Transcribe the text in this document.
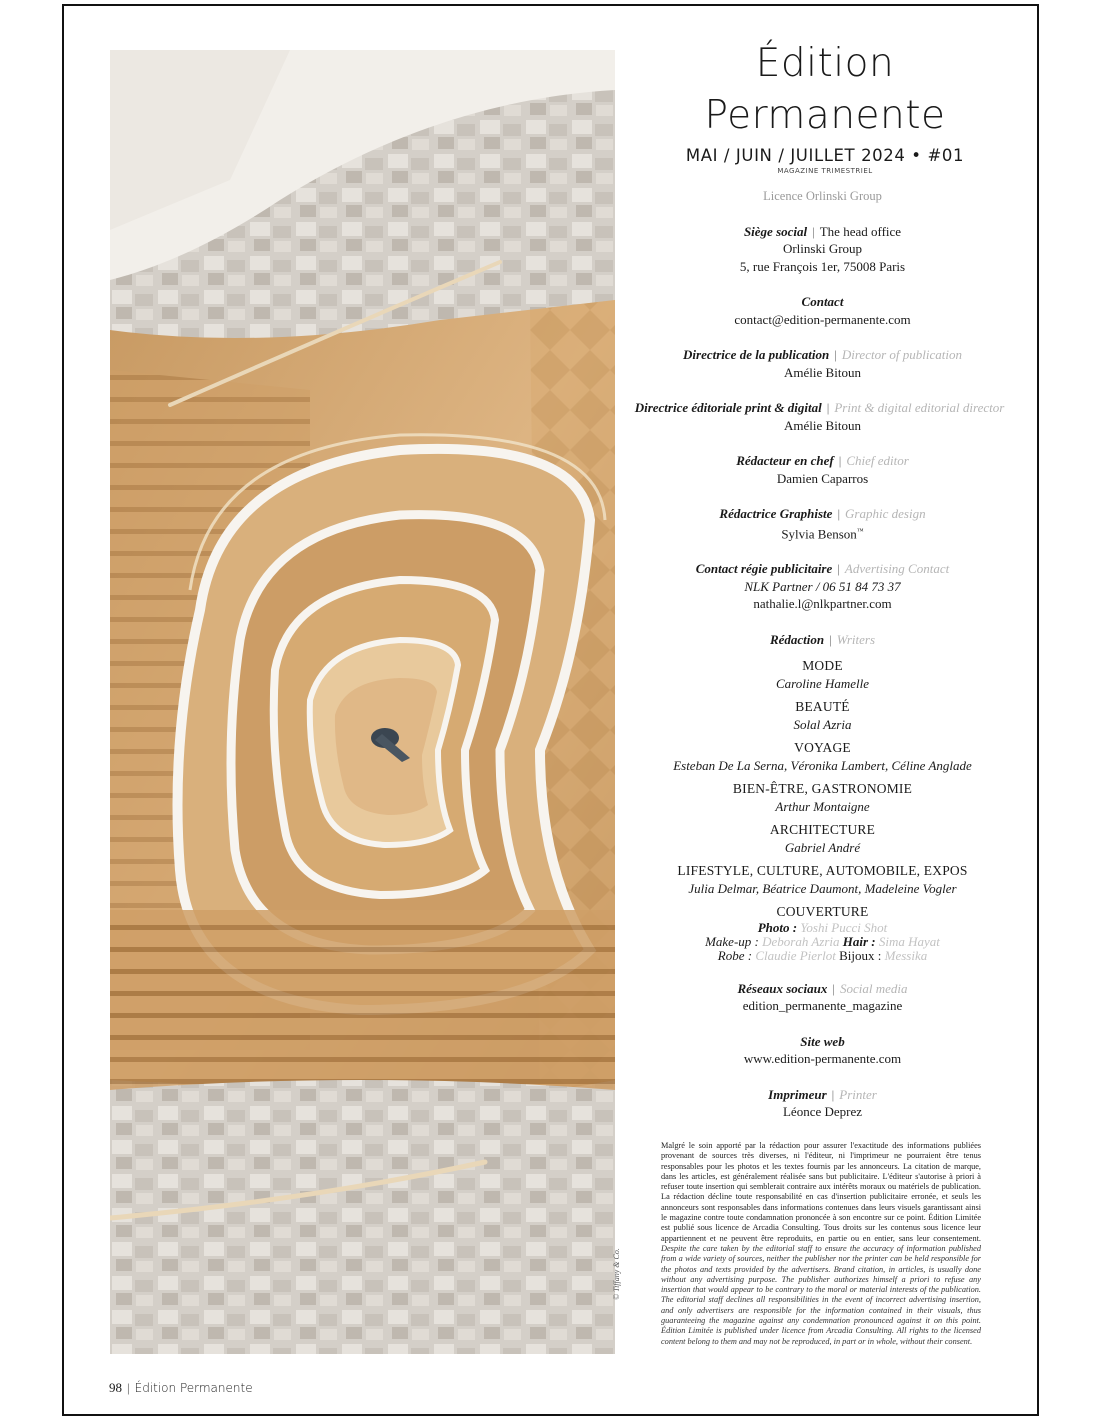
© Tiffany & Co.
Édition Permanente
MAI / JUIN / JUILLET 2024 • #01
MAGAZINE TRIMESTRIEL
Licence Orlinski Group
Siège social | The head office
Orlinski Group
5, rue François 1er, 75008 Paris
Contact
contact@edition-permanente.com
Directrice de la publication | Director of publication
Amélie Bitoun
Directrice éditoriale print & digital | Print & digital editorial director
Amélie Bitoun
Rédacteur en chef | Chief editor
Damien Caparros
Rédactrice Graphiste | Graphic design
Sylvia Benson™
Contact régie publicitaire | Advertising Contact
NLK Partner / 06 51 84 73 37
nathalie.l@nlkpartner.com
Rédaction | Writers
MODE
Caroline Hamelle
BEAUTÉ
Solal Azria
VOYAGE
Esteban De La Serna, Véronika Lambert, Céline Anglade
BIEN-ÊTRE, GASTRONOMIE
Arthur Montaigne
ARCHITECTURE
Gabriel André
LIFESTYLE, CULTURE, AUTOMOBILE, EXPOS
Julia Delmar, Béatrice Daumont, Madeleine Vogler
COUVERTURE
Photo : Yoshi Pucci Shot
Make-up : Deborah Azria Hair : Sima Hayat
Robe : Claudie Pierlot Bijoux : Messika
Réseaux sociaux | Social media
edition_permanente_magazine
Site web
www.edition-permanente.com
Imprimeur | Printer
Léonce Deprez
Malgré le soin apporté par la rédaction pour assurer l'exactitude des informations publiées provenant de sources très diverses, ni l'éditeur, ni l'imprimeur ne pourraient être tenus responsables pour les photos et les textes fournis par les annonceurs. La citation de marque, dans les articles, est généralement réalisée sans but publicitaire. L'éditeur s'autorise à priori à refuser toute insertion qui semblerait contraire aux intérêts moraux ou matériels de publication. La rédaction décline toute responsabilité en cas d'insertion publicitaire erronée, et seuls les annonceurs sont responsables dans informations contenues dans leurs visuels garantissant ainsi le magazine contre toute condamnation prononcée à son encontre sur ce point. Édition Limitée est publié sous licence de Arcadia Consulting. Tous droits sur les contenus sous licence leur appartiennent et ne peuvent être reproduits, en partie ou en entier, sans leur consentement. Despite the care taken by the editorial staff to ensure the accuracy of information published from a wide variety of sources, neither the publisher nor the printer can be held responsible for the photos and texts provided by the advertisers. Brand citation, in articles, is usually done without any advertising purpose. The publisher authorizes himself a priori to refuse any insertion that would appear to be contrary to the moral or material interests of the publication. The editorial staff declines all responsibilities in the event of incorrect advertising insertion, and only advertisers are responsible for the information contained in their visuals, thus guaranteeing the magazine against any condemnation pronounced against it on this point. Édition Limitée is published under licence from Arcadia Consulting. All rights to the licensed content belong to them and may not be reproduced, in part or in whole, without their consent.
98 | Édition Permanente
